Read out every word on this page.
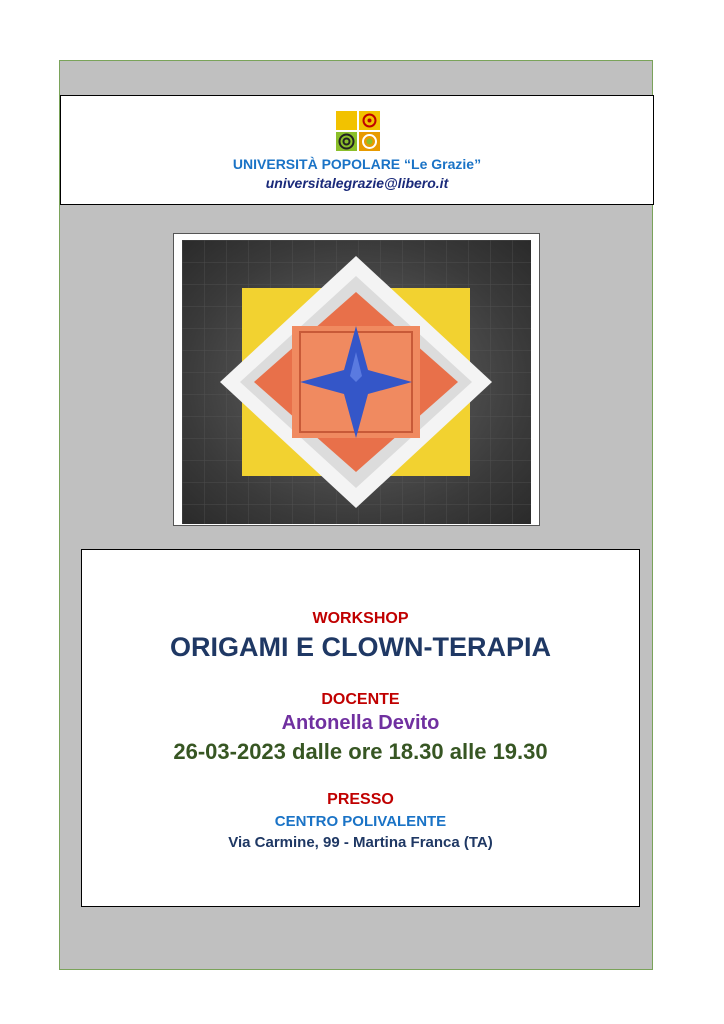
UNIVERSITÀ POPOLARE “Le Grazie”
universitalegrazie@libero.it
WORKSHOP
ORIGAMI E CLOWN-TERAPIA
DOCENTE
Antonella Devito
26-03-2023 dalle ore 18.30 alle 19.30
PRESSO
CENTRO POLIVALENTE
Via Carmine, 99 - Martina Franca (TA)
